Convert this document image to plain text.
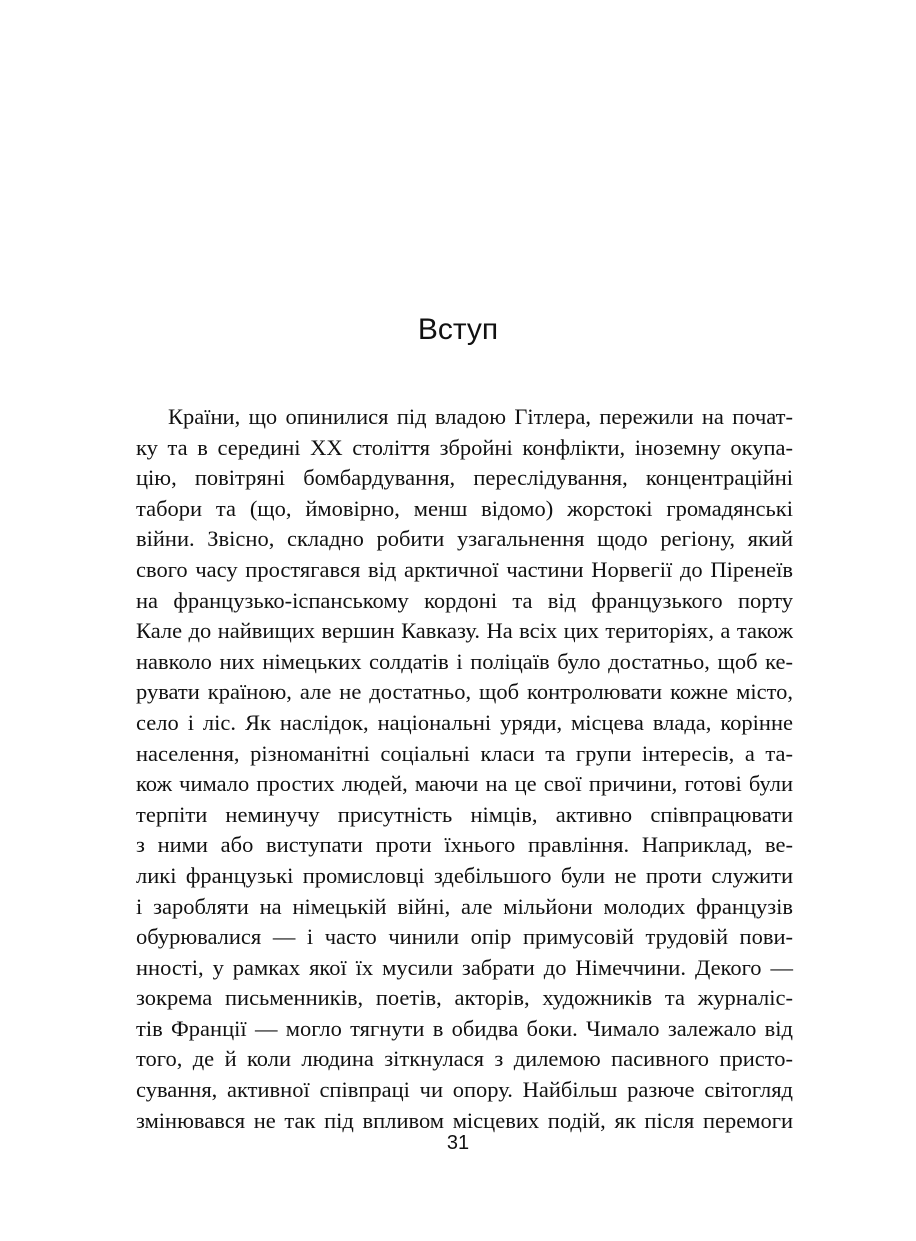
Вступ
Країни, що опинилися під владою Гітлера, пережили на почат-
ку та в середині XX століття збройні конфлікти, іноземну окупа-
цію, повітряні бомбардування, переслідування, концентраційні
табори та (що, ймовірно, менш відомо) жорстокі громадянські
війни. Звісно, складно робити узагальнення щодо регіону, який
свого часу простягався від арктичної частини Норвегії до Піренеїв
на французько-іспанському кордоні та від французького порту
Кале до найвищих вершин Кавказу. На всіх цих територіях, а також
навколо них німецьких солдатів і поліцаїв було достатньо, щоб ке-
рувати країною, але не достатньо, щоб контролювати кожне місто,
село і ліс. Як наслідок, національні уряди, місцева влада, корінне
населення, різноманітні соціальні класи та групи інтересів, а та-
кож чимало простих людей, маючи на це свої причини, готові були
терпіти неминучу присутність німців, активно співпрацювати
з ними або виступати проти їхнього правління. Наприклад, ве-
ликі французькі промисловці здебільшого були не проти служити
і заробляти на німецькій війні, але мільйони молодих французів
обурювалися — і часто чинили опір примусовій трудовій пови-
нності, у рамках якої їх мусили забрати до Німеччини. Декого —
зокрема письменників, поетів, акторів, художників та журналіс-
тів Франції — могло тягнути в обидва боки. Чимало залежало від
того, де й коли людина зіткнулася з дилемою пасивного присто-
сування, активної співпраці чи опору. Найбільш разюче світогляд
змінювався не так під впливом місцевих подій, як після перемоги
31
